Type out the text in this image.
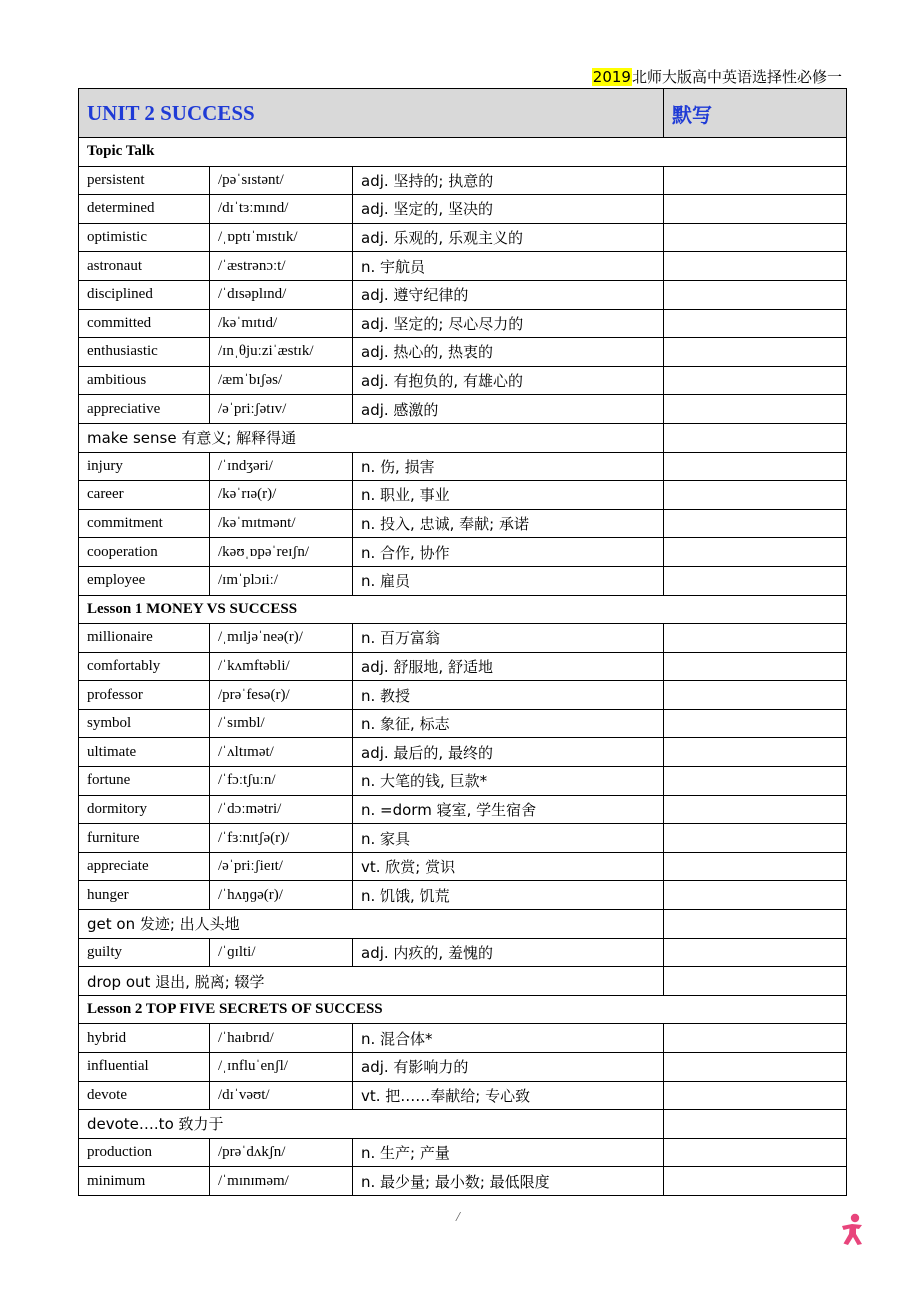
2019北师大版高中英语选择性必修一
UNIT 2 SUCCESS			默写
Topic Talk			
persistent	/pəˈsɪstənt/	adj. 坚持的; 执意的	
determined	/dɪˈtɜːmɪnd/	adj. 坚定的, 坚决的	
optimistic	/ˌɒptɪˈmɪstɪk/	adj. 乐观的, 乐观主义的	
astronaut	/ˈæstrənɔːt/	n. 宇航员	
disciplined	/ˈdɪsəplɪnd/	adj. 遵守纪律的	
committed	/kəˈmɪtɪd/	adj. 坚定的; 尽心尽力的	
enthusiastic	/ɪnˌθjuːziˈæstɪk/	adj. 热心的, 热衷的	
ambitious	/æmˈbɪʃəs/	adj. 有抱负的, 有雄心的	
appreciative	/əˈpriːʃətɪv/	adj. 感激的	
make sense 有意义; 解释得通			
injury	/ˈɪndʒəri/	n. 伤, 损害	
career	/kəˈrɪə(r)/	n. 职业, 事业	
commitment	/kəˈmɪtmənt/	n. 投入, 忠诚, 奉献; 承诺	
cooperation	/kəʊˌɒpəˈreɪʃn/	n. 合作, 协作	
employee	/ɪmˈplɔɪiː/	n. 雇员	
Lesson 1 MONEY VS SUCCESS			
millionaire	/ˌmɪljəˈneə(r)/	n. 百万富翁	
comfortably	/ˈkʌmftəbli/	adj. 舒服地, 舒适地	
professor	/prəˈfesə(r)/	n. 教授	
symbol	/ˈsɪmbl/	n. 象征, 标志	
ultimate	/ˈʌltɪmət/	adj. 最后的, 最终的	
fortune	/ˈfɔːtʃuːn/	n. 大笔的钱, 巨款*	
dormitory	/ˈdɔːmətri/	n. =dorm 寝室, 学生宿舍	
furniture	/ˈfɜːnɪtʃə(r)/	n. 家具	
appreciate	/əˈpriːʃieɪt/	vt. 欣赏; 赏识	
hunger	/ˈhʌŋɡə(r)/	n. 饥饿, 饥荒	
get on 发迹; 出人头地			
guilty	/ˈɡɪlti/	adj. 内疚的, 羞愧的	
drop out 退出, 脱离; 辍学			
Lesson 2 TOP FIVE SECRETS OF SUCCESS			
hybrid	/ˈhaɪbrɪd/	n. 混合体*	
influential	/ˌɪnfluˈenʃl/	adj. 有影响力的	
devote	/dɪˈvəʊt/	vt. 把……奉献给; 专心致	
devote….to 致力于			
production	/prəˈdʌkʃn/	n. 生产; 产量	
minimum	/ˈmɪnɪməm/	n. 最少量; 最小数; 最低限度	
/
